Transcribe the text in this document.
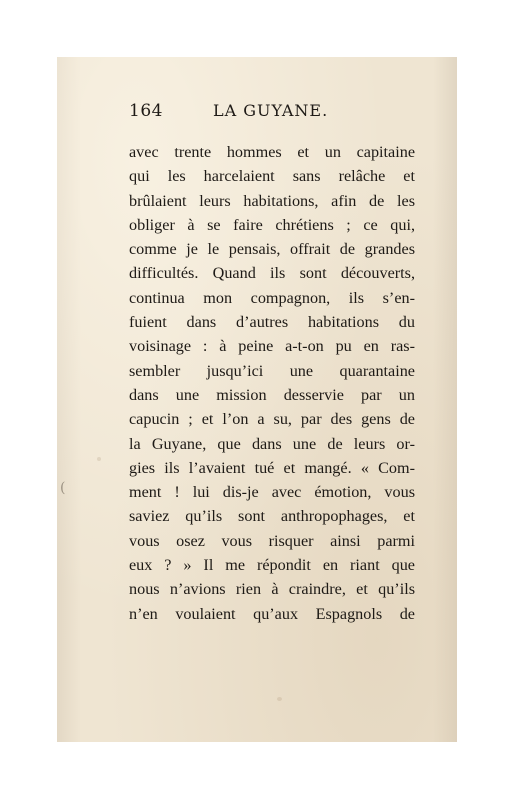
164	LA GUYANE.
avec trente hommes et un capitaine
qui les harcelaient sans relâche et
brûlaient leurs habitations, afin de les
obliger à se faire chrétiens ; ce qui,
comme je le pensais, offrait de grandes
difficultés. Quand ils sont découverts,
continua mon compagnon, ils s’en-
fuient dans d’autres habitations du
voisinage : à peine a-t-on pu en ras-
sembler jusqu’ici une quarantaine
dans une mission desservie par un
capucin ; et l’on a su, par des gens de
la Guyane, que dans une de leurs or-
gies ils l’avaient tué et mangé. « Com-
ment ! lui dis-je avec émotion, vous
saviez qu’ils sont anthropophages, et
vous osez vous risquer ainsi parmi
eux ? » Il me répondit en riant que
nous n’avions rien à craindre, et qu’ils
n’en voulaient qu’aux Espagnols de
(
